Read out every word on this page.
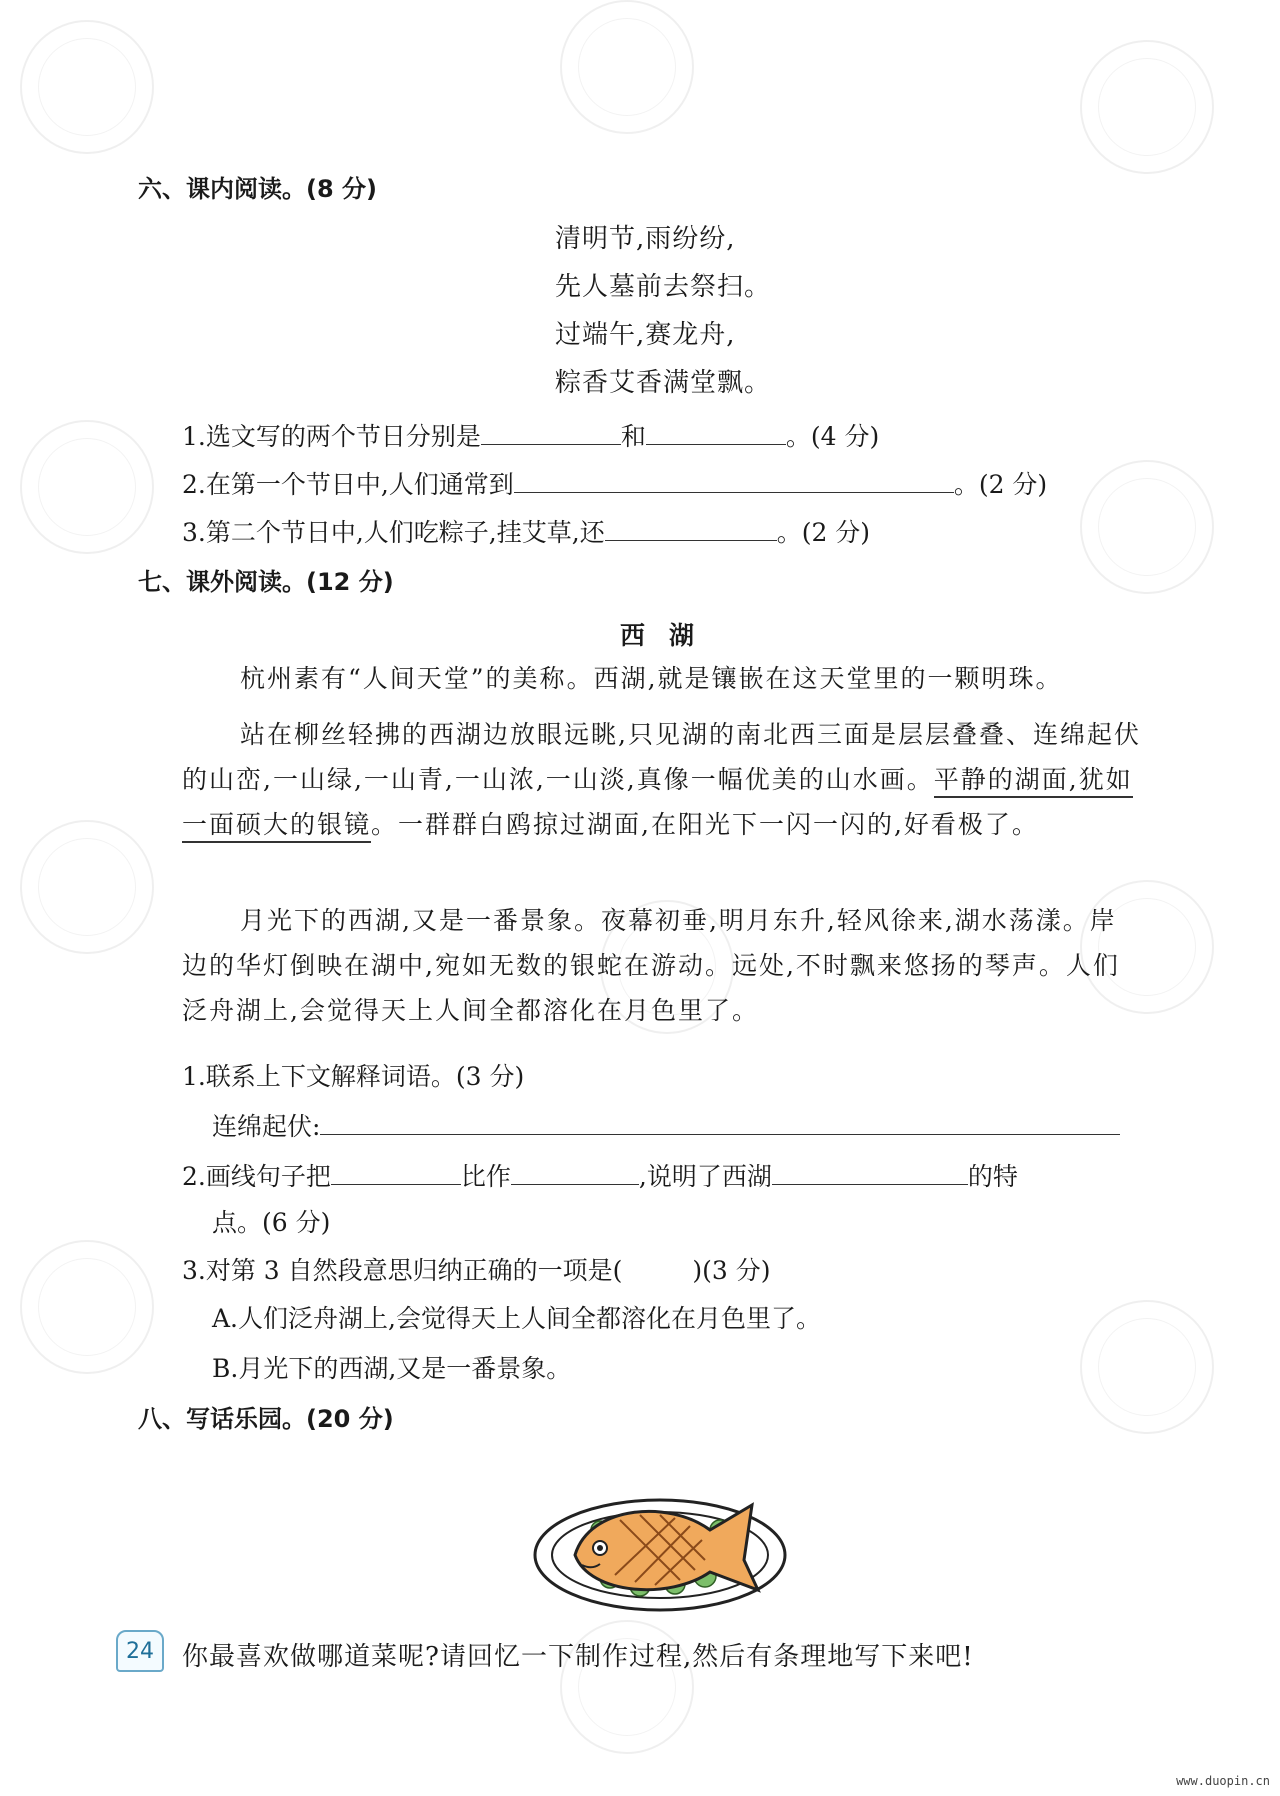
六、课内阅读。(8 分)
清明节,雨纷纷,
先人墓前去祭扫。
过端午,赛龙舟,
粽香艾香满堂飘。
1.选文写的两个节日分别是	和	。(4 分)
2.在第一个节日中,人们通常到	。(2 分)
3.第二个节日中,人们吃粽子,挂艾草,还	。(2 分)
七、课外阅读。(12 分)
西湖
杭州素有“人间天堂”的美称。西湖,就是镶嵌在这天堂里的一颗明珠。
站在柳丝轻拂的西湖边放眼远眺,只见湖的南北西三面是层层叠叠、连绵起伏的山峦,一山绿,一山青,一山浓,一山淡,真像一幅优美的山水画。平静的湖面,犹如一面硕大的银镜。一群群白鸥掠过湖面,在阳光下一闪一闪的,好看极了。
月光下的西湖,又是一番景象。夜幕初垂,明月东升,轻风徐来,湖水荡漾。岸边的华灯倒映在湖中,宛如无数的银蛇在游动。远处,不时飘来悠扬的琴声。人们泛舟湖上,会觉得天上人间全都溶化在月色里了。
1.联系上下文解释词语。(3 分)
连绵起伏:
2.画线句子把	比作	,说明了西湖	的特
点。(6 分)
3.对第 3 自然段意思归纳正确的一项是(	)(3 分)
A.人们泛舟湖上,会觉得天上人间全都溶化在月色里了。
B.月光下的西湖,又是一番景象。
八、写话乐园。(20 分)
你最喜欢做哪道菜呢?请回忆一下制作过程,然后有条理地写下来吧!
24
www.duopin.cn
